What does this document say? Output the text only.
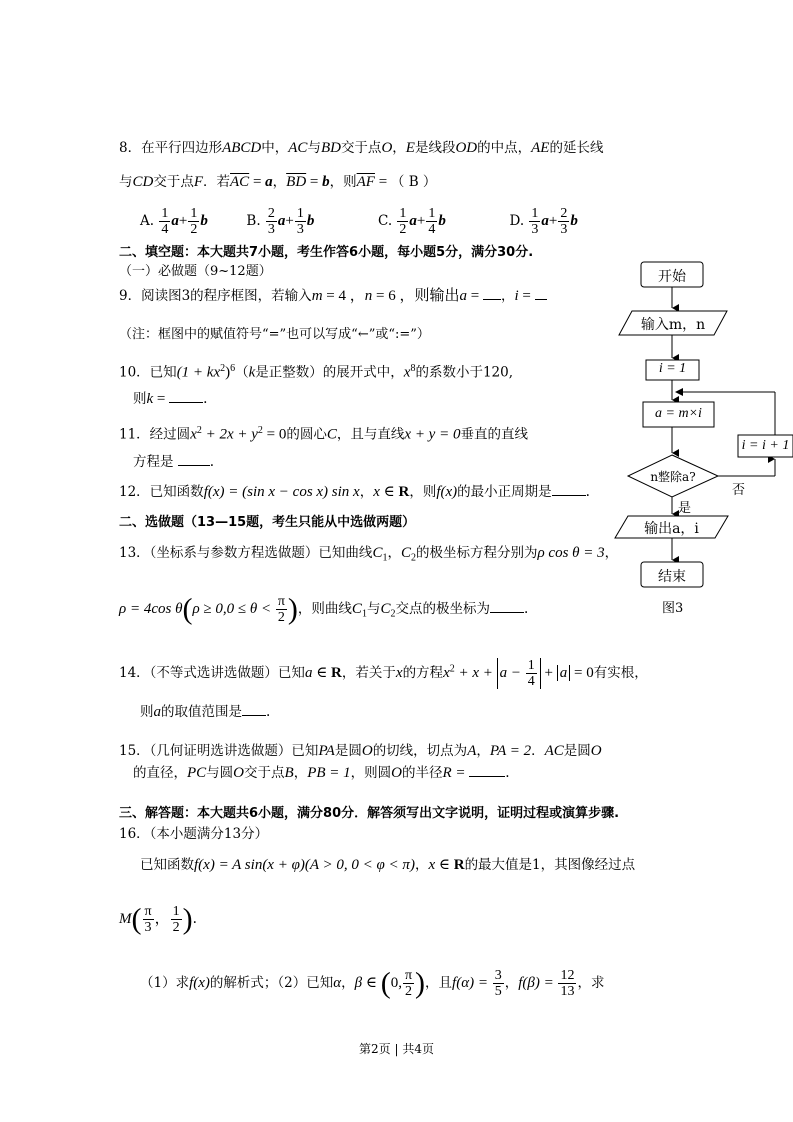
8．在平行四边形ABCD中，AC与BD交于点O，E是线段OD的中点，AE的延长线
与CD交于点F．若$\overline{AC} = a$，$\overline{BD} = b$，则$\overline{AF}$ = （ B ）
A. $\frac{1}{4} a+ \frac{1}{2}$ b	B. $\frac{2}{3} a+ \frac{1}{3}$ b	C. $\frac{1}{2} a+ \frac{1}{4}$ b	D. $\frac{1}{3} a+ \frac{2}{3}$ b
二、填空题：本大题共7小题，考生作答6小题，每小题5分，满分30分.
（一）必做题（9~12题）
9．阅读图3的程序框图，若输入m = 4 ，n = 6 ，则输出a = ，i =
（注：框图中的赋值符号“=”也可以写成“←”或“:=”）
10．已知$(1 + kx^2)^6(k$是正整数）的展开式中，$x^8$的系数小于120,
则k =	.
11．经过圆$x^2 + 2x + y^2 = 0$的圆心C，且与直线x + y = 0垂直的直线
方程是	.
12．已知函数f(x) = (sin x − cos x) sin x，x ∈ R，则f(x)的最小正周期是	.
二、选做题（13—15题，考生只能从中选做两题）
13．（坐标系与参数方程选做题）已知曲线$C_1$，$C_2$的极坐标方程分别为ρ cos θ = 3，
ρ = 4cos $\theta(\rho \ge 0,0 \le \theta < \frac{\pi}{2}$ )，则曲线$C_1$与$C_2$交点的极坐标为	.
14．（不等式选讲选做题）已知a ∈ R，若关于x的方程$x^2 + x + a - \frac{1}{4} + a = 0$有实根，
则a的取值范围是 .
15．（几何证明选讲选做题）已知PA是圆O的切线，切点为A，PA = 2．AC是圆O
的直径，PC与圆O交于点B，PB = 1，则圆O的半径R =	.
三、解答题：本大题共6小题，满分80分．解答须写出文字说明，证明过程或演算步骤.
16．（本小题满分13分）
已知函数f(x) = A sin(x + φ)(A > 0, 0 < φ < π)，x ∈ R的最大值是1，其图像经过点
$M( \frac{\pi}{3}$ ， $\frac{1}{2}$ ).
（1）求f(x)的解析式；（2）已知α，β ∈ (0, $\frac{\pi}{2}$ )，且$f(\alpha) = \frac{3}{5}$ ，$f(\beta) = \frac{12}{13}$ ，求
开始
输入m，n
i = 1
a = m×i
n整除a?
是
否
i = i + 1
输出a，i
结束
图3
第2页 | 共4页
